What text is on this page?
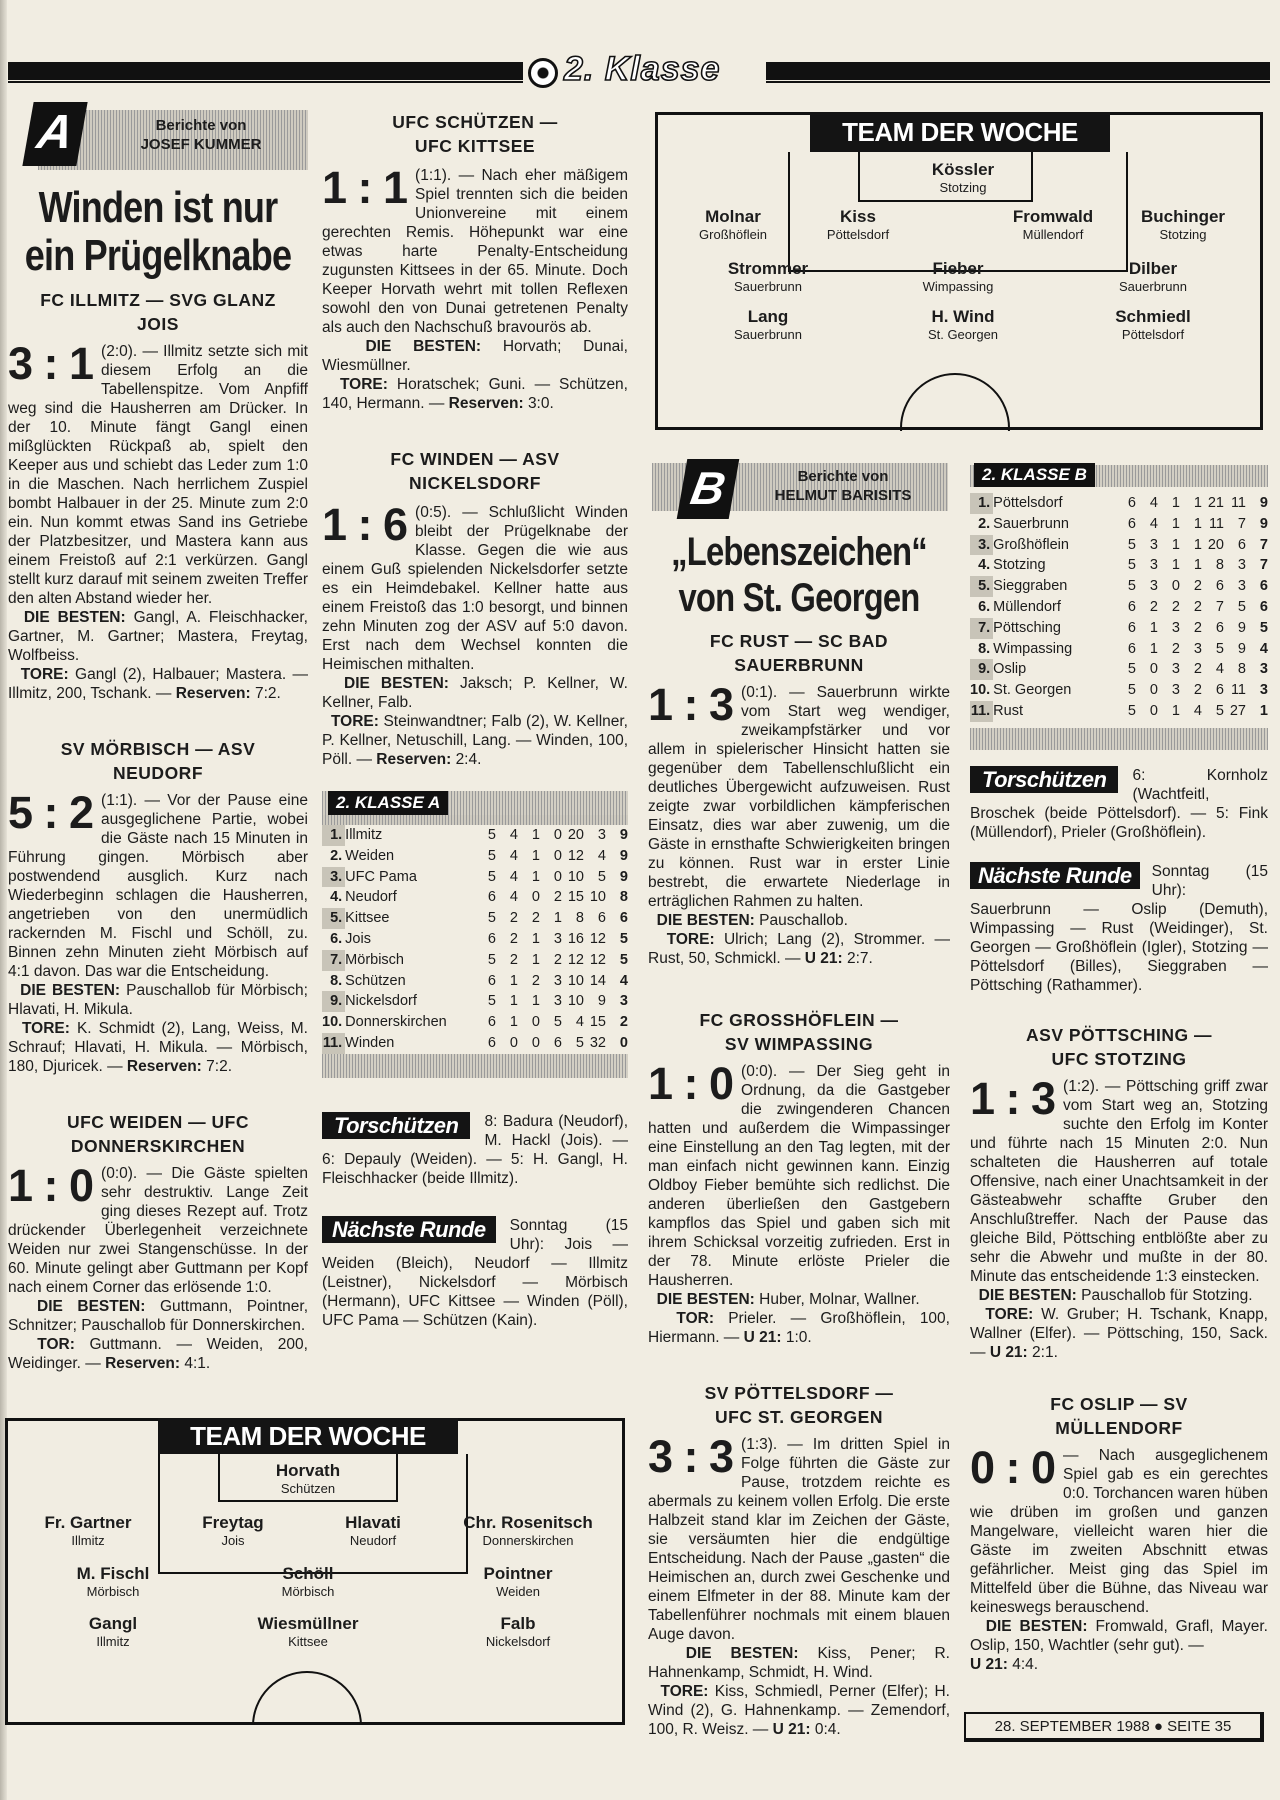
2. Klasse
A	Berichte von
JOSEF KUMMER
Winden ist nur ein Prügelknabe
FC ILLMITZ — SVG GLANZ JOIS
3 : 1 (2:0). — Illmitz setzte sich mit diesem Erfolg an die Tabellenspitze. Vom Anpfiff weg sind die Hausherren am Drücker. In der 10. Minute fängt Gangl einen mißglückten Rückpaß ab, spielt den Keeper aus und schiebt das Leder zum 1:0 in die Maschen. Nach herrlichem Zuspiel bombt Halbauer in der 25. Minute zum 2:0 ein. Nun kommt etwas Sand ins Getriebe der Platzbesitzer, und Mastera kann aus einem Freistoß auf 2:1 verkürzen. Gangl stellt kurz darauf mit seinem zweiten Treffer den alten Abstand wieder her.
DIE BESTEN: Gangl, A. Fleischhacker, Gartner, M. Gartner; Mastera, Freytag, Wolfbeiss.
TORE: Gangl (2), Halbauer; Mastera. — Illmitz, 200, Tschank. — Reserven: 7:2.
SV MÖRBISCH — ASV NEUDORF
5 : 2 (1:1). — Vor der Pause eine ausgeglichene Partie, wobei die Gäste nach 15 Minuten in Führung gingen. Mörbisch aber postwendend ausglich. Kurz nach Wiederbeginn schlagen die Hausherren, angetrieben von den unermüdlich rackernden M. Fischl und Schöll, zu. Binnen zehn Minuten zieht Mörbisch auf 4:1 davon. Das war die Entscheidung.
DIE BESTEN: Pauschallob für Mörbisch; Hlavati, H. Mikula.
TORE: K. Schmidt (2), Lang, Weiss, M. Schrauf; Hlavati, H. Mikula. — Mörbisch, 180, Djuricek. — Reserven: 7:2.
UFC WEIDEN — UFC DONNERSKIRCHEN
1 : 0 (0:0). — Die Gäste spielten sehr destruktiv. Lange Zeit ging dieses Rezept auf. Trotz drückender Überlegenheit verzeichnete Weiden nur zwei Stangenschüsse. In der 60. Minute gelingt aber Guttmann per Kopf nach einem Corner das erlösende 1:0.
DIE BESTEN: Guttmann, Pointner, Schnitzer; Pauschallob für Donnerskirchen.
TOR: Guttmann. — Weiden, 200, Weidinger. — Reserven: 4:1.
UFC SCHÜTZEN — UFC KITTSEE
1 : 1 (1:1). — Nach eher mäßigem Spiel trennten sich die beiden Unionvereine mit einem gerechten Remis. Höhepunkt war eine etwas harte Penalty-Entscheidung zugunsten Kittsees in der 65. Minute. Doch Keeper Horvath wehrt mit tollen Reflexen sowohl den von Dunai getretenen Penalty als auch den Nachschuß bravourös ab.
DIE BESTEN: Horvath; Dunai, Wiesmüllner.
TORE: Horatschek; Guni. — Schützen, 140, Hermann. — Reserven: 3:0.
FC WINDEN — ASV NICKELSDORF
1 : 6 (0:5). — Schlußlicht Winden bleibt der Prügelknabe der Klasse. Gegen die wie aus einem Guß spielenden Nickelsdorfer setzte es ein Heimdebakel. Kellner hatte aus einem Freistoß das 1:0 besorgt, und binnen zehn Minuten zog der ASV auf 5:0 davon. Erst nach dem Wechsel konnten die Heimischen mithalten.
DIE BESTEN: Jaksch; P. Kellner, W. Kellner, Falb.
TORE: Steinwandtner; Falb (2), W. Kellner, P. Kellner, Netuschill, Lang. — Winden, 100, Pöll. — Reserven: 2:4.
2. KLASSE A
1.	Illmitz	5	4	1	0	20	3	9
2.	Weiden	5	4	1	0	12	4	9
3.	UFC Pama	5	4	1	0	10	5	9
4.	Neudorf	6	4	0	2	15	10	8
5.	Kittsee	5	2	2	1	8	6	6
6.	Jois	6	2	1	3	16	12	5
7.	Mörbisch	5	2	1	2	12	12	5
8.	Schützen	6	1	2	3	10	14	4
9.	Nickelsdorf	5	1	1	3	10	9	3
10.	Donnerskirchen	6	1	0	5	4	15	2
11.	Winden	6	0	0	6	5	32	0
Torschützen	8: Badura (Neudorf), M. Hackl (Jois). — 6: Depauly (Weiden). — 5: H. Gangl, H. Fleischhacker (beide Illmitz).
Nächste Runde	Sonntag (15 Uhr): Jois — Weiden (Bleich), Neudorf — Illmitz (Leistner), Nickelsdorf — Mörbisch (Hermann), UFC Kittsee — Winden (Pöll), UFC Pama — Schützen (Kain).
TEAM DER WOCHE
Kössler
Stotzing
Molnar
Großhöflein
Kiss
Pöttelsdorf
Fromwald
Müllendorf
Buchinger
Stotzing
Strommer
Sauerbrunn
Fieber
Wimpassing
Dilber
Sauerbrunn
Lang
Sauerbrunn
H. Wind
St. Georgen
Schmiedl
Pöttelsdorf
B	Berichte von
HELMUT BARISITS
„Lebenszeichen“ von St. Georgen
FC RUST — SC BAD SAUERBRUNN
1 : 3 (0:1). — Sauerbrunn wirkte vom Start weg wendiger, zweikampfstärker und vor allem in spielerischer Hinsicht hatten sie gegenüber dem Tabellenschlußlicht ein deutliches Übergewicht aufzuweisen. Rust zeigte zwar vorbildlichen kämpferischen Einsatz, dies war aber zuwenig, um die Gäste in ernsthafte Schwierigkeiten bringen zu können. Rust war in erster Linie bestrebt, die erwartete Niederlage in erträglichen Rahmen zu halten.
DIE BESTEN: Pauschallob.
TORE: Ulrich; Lang (2), Strommer. — Rust, 50, Schmickl. — U 21: 2:7.
FC GROSSHÖFLEIN — SV WIMPASSING
1 : 0 (0:0). — Der Sieg geht in Ordnung, da die Gastgeber die zwingenderen Chancen hatten und außerdem die Wimpassinger eine Einstellung an den Tag legten, mit der man einfach nicht gewinnen kann. Einzig Oldboy Fieber bemühte sich redlichst. Die anderen überließen den Gastgebern kampflos das Spiel und gaben sich mit ihrem Schicksal vorzeitig zufrieden. Erst in der 78. Minute erlöste Prieler die Hausherren.
DIE BESTEN: Huber, Molnar, Wallner.
TOR: Prieler. — Großhöflein, 100, Hiermann. — U 21: 1:0.
SV PÖTTELSDORF — UFC ST. GEORGEN
3 : 3 (1:3). — Im dritten Spiel in Folge führten die Gäste zur Pause, trotzdem reichte es abermals zu keinem vollen Erfolg. Die erste Halbzeit stand klar im Zeichen der Gäste, sie versäumten hier die endgültige Entscheidung. Nach der Pause „gasten“ die Heimischen an, durch zwei Geschenke und einem Elfmeter in der 88. Minute kam der Tabellenführer nochmals mit einem blauen Auge davon.
DIE BESTEN: Kiss, Pener; R. Hahnenkamp, Schmidt, H. Wind.
TORE: Kiss, Schmiedl, Perner (Elfer); H. Wind (2), G. Hahnenkamp. — Zemendorf, 100, R. Weisz. — U 21: 0:4.
2. KLASSE B
1.	Pöttelsdorf	6	4	1	1	21	11	9
2.	Sauerbrunn	6	4	1	1	11	7	9
3.	Großhöflein	5	3	1	1	20	6	7
4.	Stotzing	5	3	1	1	8	3	7
5.	Sieggraben	5	3	0	2	6	3	6
6.	Müllendorf	6	2	2	2	7	5	6
7.	Pöttsching	6	1	3	2	6	9	5
8.	Wimpassing	6	1	2	3	5	9	4
9.	Oslip	5	0	3	2	4	8	3
10.	St. Georgen	5	0	3	2	6	11	3
11.	Rust	5	0	1	4	5	27	1
Torschützen	6: Kornholz (Wachtfeitl, Broschek (beide Pöttelsdorf). — 5: Fink (Müllendorf), Prieler (Großhöflein).
Nächste Runde	Sonntag (15 Uhr): Sauerbrunn — Oslip (Demuth), Wimpassing — Rust (Weidinger), St. Georgen — Großhöflein (Igler), Stotzing — Pöttelsdorf (Billes), Sieggraben — Pöttsching (Rathammer).
ASV PÖTTSCHING — UFC STOTZING
1 : 3 (1:2). — Pöttsching griff zwar vom Start weg an, Stotzing suchte den Erfolg im Konter und führte nach 15 Minuten 2:0. Nun schalteten die Hausherren auf totale Offensive, nach einer Unachtsamkeit in der Gästeabwehr schaffte Gruber den Anschlußtreffer. Nach der Pause das gleiche Bild, Pöttsching entblößte aber zu sehr die Abwehr und mußte in der 80. Minute das entscheidende 1:3 einstecken.
DIE BESTEN: Pauschallob für Stotzing.
TORE: W. Gruber; H. Tschank, Knapp, Wallner (Elfer). — Pöttsching, 150, Sack. — U 21: 2:1.
FC OSLIP — SV MÜLLENDORF
0 : 0 — Nach ausgeglichenem Spiel gab es ein gerechtes 0:0. Torchancen waren hüben wie drüben im großen und ganzen Mangelware, vielleicht waren hier die Gäste im zweiten Abschnitt etwas gefährlicher. Meist ging das Spiel im Mittelfeld über die Bühne, das Niveau war keineswegs berauschend.
DIE BESTEN: Fromwald, Grafl, Mayer. Oslip, 150, Wachtler (sehr gut). —
U 21: 4:4.
TEAM DER WOCHE
Horvath
Schützen
Fr. Gartner
Illmitz
Freytag
Jois
Hlavati
Neudorf
Chr. Rosenitsch
Donnerskirchen
M. Fischl
Mörbisch
Schöll
Mörbisch
Pointner
Weiden
Gangl
Illmitz
Wiesmüllner
Kittsee
Falb
Nickelsdorf
28. SEPTEMBER 1988 ● SEITE 35
